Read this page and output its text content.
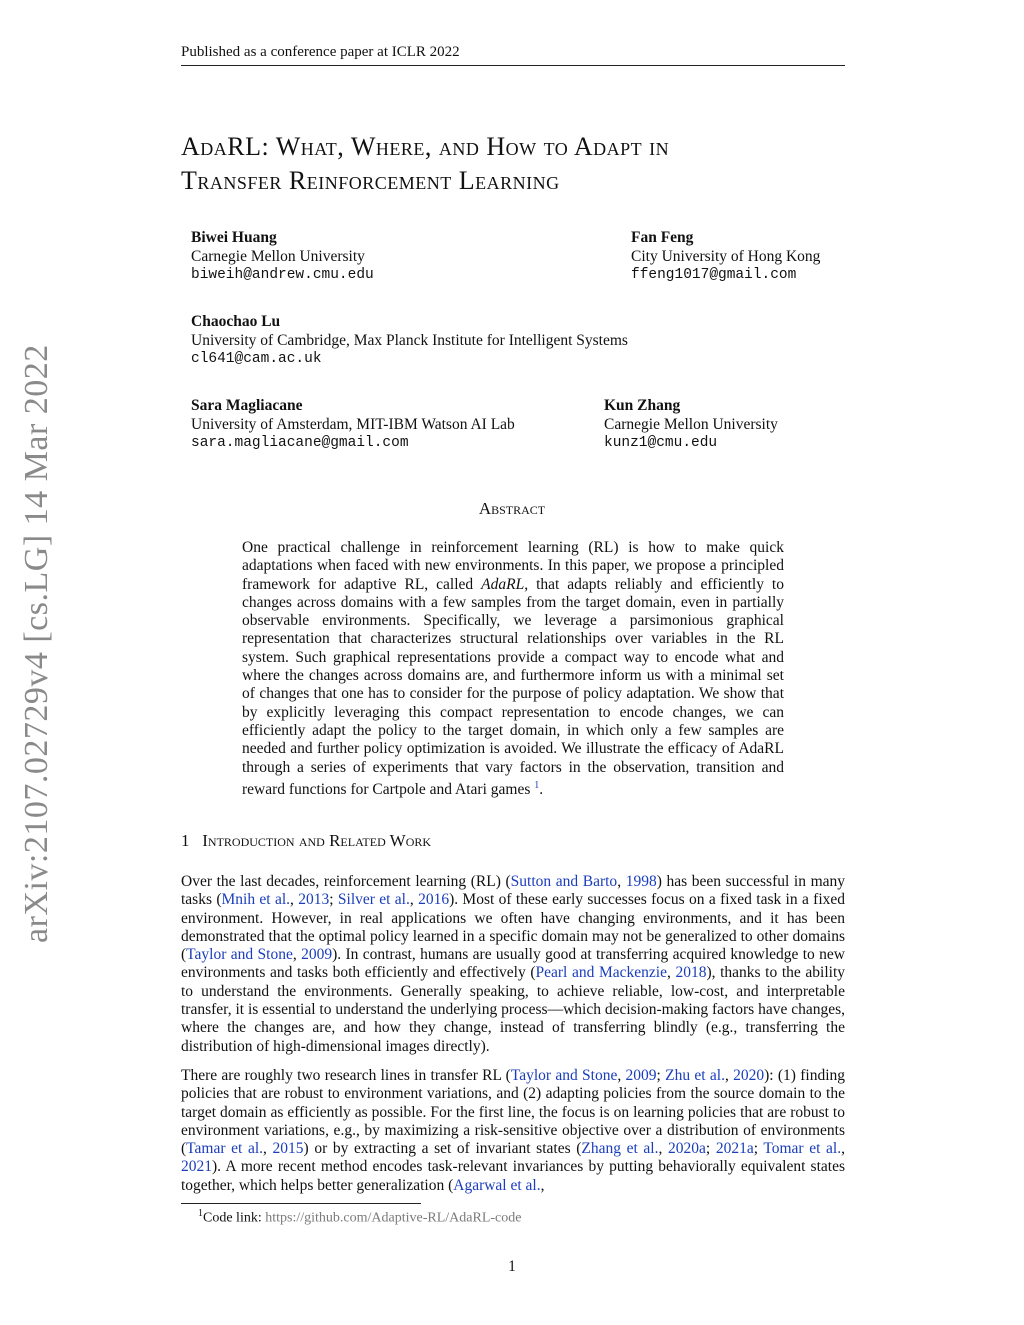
Published as a conference paper at ICLR 2022
arXiv:2107.02729v4 [cs.LG] 14 Mar 2022
AdaRL: What, Where, and How to Adapt in
Transfer Reinforcement Learning
Biwei Huang
Carnegie Mellon University
biweih@andrew.cmu.edu
Fan Feng
City University of Hong Kong
ffeng1017@gmail.com
Chaochao Lu
University of Cambridge, Max Planck Institute for Intelligent Systems
cl641@cam.ac.uk
Sara Magliacane
University of Amsterdam, MIT-IBM Watson AI Lab
sara.magliacane@gmail.com
Kun Zhang
Carnegie Mellon University
kunz1@cmu.edu
Abstract
One practical challenge in reinforcement learning (RL) is how to make quick adaptations when faced with new environments. In this paper, we propose a principled framework for adaptive RL, called AdaRL, that adapts reliably and efficiently to changes across domains with a few samples from the target domain, even in partially observable environments. Specifically, we leverage a parsimonious graphical representation that characterizes structural relationships over variables in the RL system. Such graphical representations provide a compact way to encode what and where the changes across domains are, and furthermore inform us with a minimal set of changes that one has to consider for the purpose of policy adaptation. We show that by explicitly leveraging this compact representation to encode changes, we can efficiently adapt the policy to the target domain, in which only a few samples are needed and further policy optimization is avoided. We illustrate the efficacy of AdaRL through a series of experiments that vary factors in the observation, transition and reward functions for Cartpole and Atari games $^1$.
1 Introduction and Related Work
Over the last decades, reinforcement learning (RL) (Sutton and Barto, 1998) has been successful in many tasks (Mnih et al., 2013; Silver et al., 2016). Most of these early successes focus on a fixed task in a fixed environment. However, in real applications we often have changing environments, and it has been demonstrated that the optimal policy learned in a specific domain may not be generalized to other domains (Taylor and Stone, 2009). In contrast, humans are usually good at transferring acquired knowledge to new environments and tasks both efficiently and effectively (Pearl and Mackenzie, 2018), thanks to the ability to understand the environments. Generally speaking, to achieve reliable, low-cost, and interpretable transfer, it is essential to understand the underlying process—which decision-making factors have changes, where the changes are, and how they change, instead of transferring blindly (e.g., transferring the distribution of high-dimensional images directly).
There are roughly two research lines in transfer RL (Taylor and Stone, 2009; Zhu et al., 2020): (1) finding policies that are robust to environment variations, and (2) adapting policies from the source domain to the target domain as efficiently as possible. For the first line, the focus is on learning policies that are robust to environment variations, e.g., by maximizing a risk-sensitive objective over a distribution of environments (Tamar et al., 2015) or by extracting a set of invariant states (Zhang et al., 2020a; 2021a; Tomar et al., 2021). A more recent method encodes task-relevant invariances by putting behaviorally equivalent states together, which helps better generalization (Agarwal et al.,
$^1$Code link: https://github.com/Adaptive-RL/AdaRL-code
1
